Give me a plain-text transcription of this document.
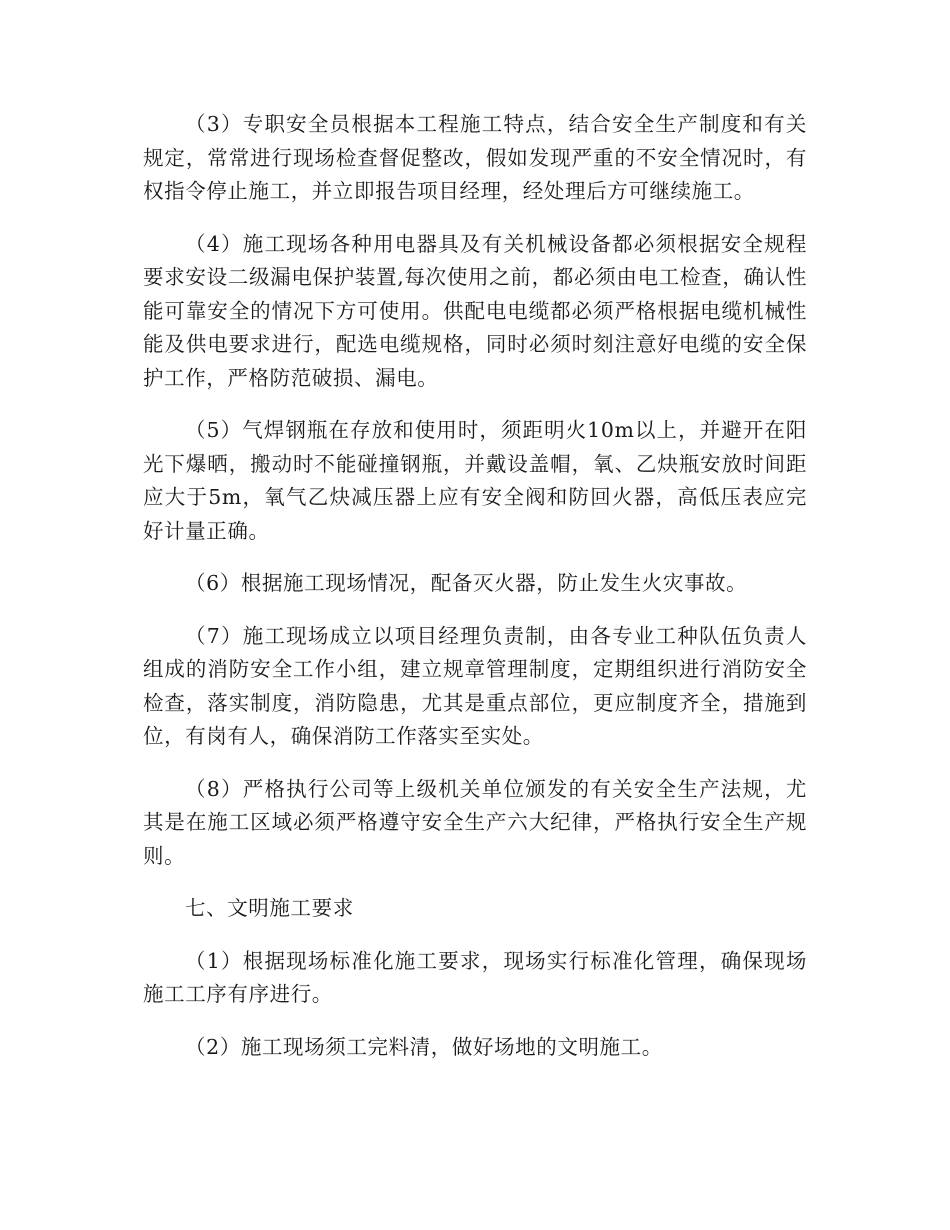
（3）专职安全员根据本工程施工特点，结合安全生产制度和有关规定，常常进行现场检查督促整改，假如发现严重的不安全情况时，有权指令停止施工，并立即报告项目经理，经处理后方可继续施工。

（4）施工现场各种用电器具及有关机械设备都必须根据安全规程要求安设二级漏电保护装置,每次使用之前，都必须由电工检查，确认性能可靠安全的情况下方可使用。供配电电缆都必须严格根据电缆机械性能及供电要求进行，配选电缆规格，同时必须时刻注意好电缆的安全保护工作，严格防范破损、漏电。

（5）气焊钢瓶在存放和使用时，须距明火10m以上，并避开在阳光下爆晒，搬动时不能碰撞钢瓶，并戴设盖帽，氧、乙炔瓶安放时间距应大于5m，氧气乙炔减压器上应有安全阀和防回火器，高低压表应完好计量正确。

（6）根据施工现场情况，配备灭火器，防止发生火灾事故。

（7）施工现场成立以项目经理负责制，由各专业工种队伍负责人组成的消防安全工作小组，建立规章管理制度，定期组织进行消防安全检查，落实制度，消防隐患，尤其是重点部位，更应制度齐全，措施到位，有岗有人，确保消防工作落实至实处。

（8）严格执行公司等上级机关单位颁发的有关安全生产法规，尤其是在施工区域必须严格遵守安全生产六大纪律，严格执行安全生产规则。

七、文明施工要求

（1）根据现场标准化施工要求，现场实行标准化管理，确保现场施工工序有序进行。

（2）施工现场须工完料清，做好场地的文明施工。
